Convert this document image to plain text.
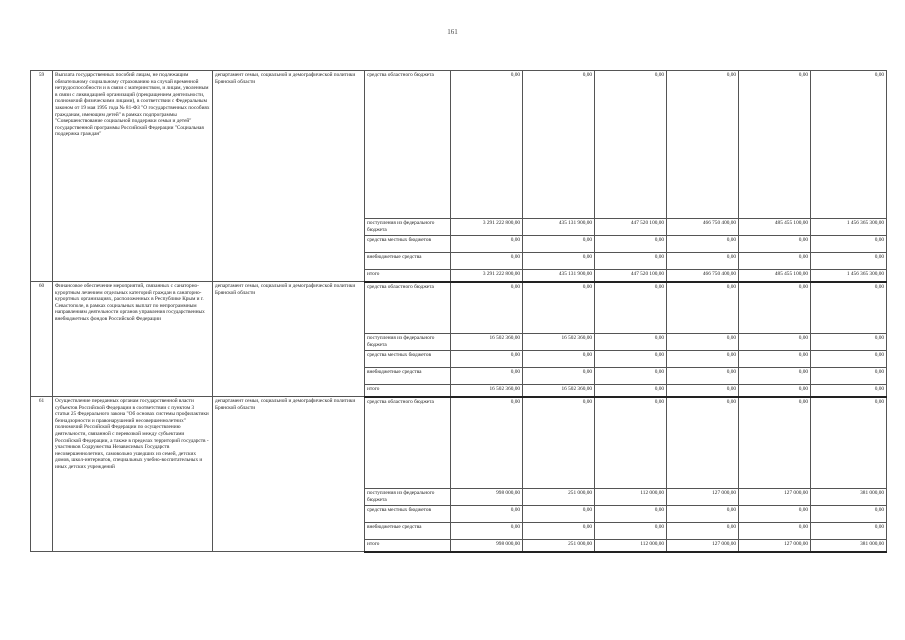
161
59	Выплата государственных пособий лицам, не подлежащим обязательному социальному страхованию на случай временной нетрудоспособности и в связи с материнством, и лицам, уволенным в связи с ликвидацией организаций (прекращением деятельности, полномочий физическими лицами), в соответствии с Федеральным законом от 19 мая 1995 года № 81-ФЗ "О государственных пособиях гражданам, имеющим детей" в рамках подпрограммы "Совершенствование социальной поддержки семьи и детей" государственной программы Российской Федерации "Социальная поддержка граждан"	департамент семьи, социальной и демографической политики Брянской области	средства областного бюджета	0,00	0,00	0,00	0,00	0,00	0,00
			поступления из федерального бюджета	3 291 222 800,00	435 131 900,00	447 520 100,00	466 750 400,00	485 455 100,00	1 456 365 300,00
			средства местных бюджетов	0,00	0,00	0,00	0,00	0,00	0,00
			внебюджетные средства	0,00	0,00	0,00	0,00	0,00	0,00
			итого	3 291 222 800,00	435 131 900,00	447 520 100,00	466 750 400,00	485 455 100,00	1 456 365 300,00
60	Финансовое обеспечение мероприятий, связанных с санаторно-курортным лечением отдельных категорий граждан в санаторно-курортных организациях, расположенных в Республике Крым и г. Севастополе, в рамках социальных выплат по непрограммным направлениям деятельности органов управления государственных внебюджетных фондов Российской Федерации	департамент семьи, социальной и демографической политики Брянской области	средства областного бюджета	0,00	0,00	0,00	0,00	0,00	0,00
			поступления из федерального бюджета	16 502 360,00	16 502 360,00	0,00	0,00	0,00	0,00
			средства местных бюджетов	0,00	0,00	0,00	0,00	0,00	0,00
			внебюджетные средства	0,00	0,00	0,00	0,00	0,00	0,00
			итого	16 502 360,00	16 502 360,00	0,00	0,00	0,00	0,00
61	Осуществление переданных органам государственной власти субъектов Российской Федерации в соответствии с пунктом 3 статьи 25 Федерального закона "Об основах системы профилактики безнадзорности и правонарушений несовершеннолетних" полномочий Российской Федерации по осуществлению деятельности, связанной с перевозкой между субъектами Российской Федерации, а также в пределах территорий государств - участников Содружества Независимых Государств несовершеннолетних, самовольно ушедших из семей, детских домов, школ-интернатов, специальных учебно-воспитательных и иных детских учреждений	департамент семьи, социальной и демографической политики Брянской области	средства областного бюджета	0,00	0,00	0,00	0,00	0,00	0,00
			поступления из федерального бюджета	998 000,00	251 000,00	112 000,00	127 000,00	127 000,00	381 000,00
			средства местных бюджетов	0,00	0,00	0,00	0,00	0,00	0,00
			внебюджетные средства	0,00	0,00	0,00	0,00	0,00	0,00
			итого	998 000,00	251 000,00	112 000,00	127 000,00	127 000,00	381 000,00
